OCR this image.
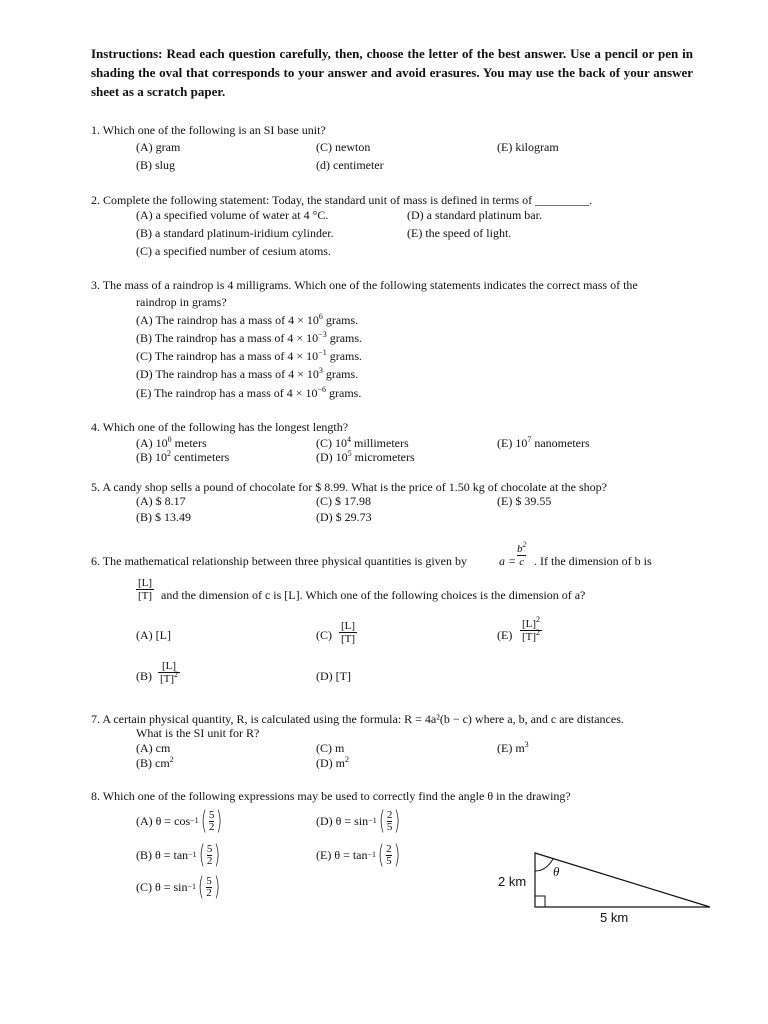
Instructions: Read each question carefully, then, choose the letter of the best answer. Use a pencil or pen in shading the oval that corresponds to your answer and avoid erasures. You may use the back of your answer sheet as a scratch paper.
1. Which one of the following is an SI base unit?
(A) gram
(B) slug
(C) newton
(d) centimeter
(E) kilogram
2. Complete the following statement: Today, the standard unit of mass is defined in terms of _________.
(A) a specified volume of water at 4 °C.
(B) a standard platinum-iridium cylinder.
(C) a specified number of cesium atoms.
(D) a standard platinum bar.
(E) the speed of light.
3. The mass of a raindrop is 4 milligrams. Which one of the following statements indicates the correct mass of the
raindrop in grams?
(A) The raindrop has a mass of $4 \times 10^6$ grams.
(B) The raindrop has a mass of $4 \times 10^{-3}$ grams.
(C) The raindrop has a mass of $4 \times 10^{-1}$ grams.
(D) The raindrop has a mass of $4 \times 10^3$ grams.
(E) The raindrop has a mass of $4 \times 10^{-6}$ grams.
4. Which one of the following has the longest length?
(A) $10^0$ meters
(B) $10^2$ centimeters
(C) $10^4$ millimeters
(D) $10^5$ micrometers
(E) $10^7$ nanometers
5. A candy shop sells a pound of chocolate for $ 8.99. What is the price of 1.50 kg of chocolate at the shop?
(A) $ 8.17
(B) $ 13.49
(C) $ 17.98
(D) $ 29.73
(E) $ 39.55
6. The mathematical relationship between three physical quantities is given by	a =
$\frac{b^2}{c}$ . If the dimension of b is
$\frac{[L]}{[T]}$ and the dimension of c is [L]. Which one of the following choices is the dimension of a?
(A) [L]	$(C) \frac{[L]}{[T]}$	$(E) \frac{[L]^2}{[T]^2}$
$(B) \frac{[L]}{[T]^2}$	(D) [T]
7. A certain physical quantity, R, is calculated using the formula: R = 4a²(b − c) where a, b, and c are distances.
What is the SI unit for R?
(A) cm
(B) $cm^2$
(C) m
(D) $m^2$
(E) $m^3$
8. Which one of the following expressions may be used to correctly find the angle θ in the drawing?
(A) θ = cos −1 ( 5
2 )
(B) θ = tan −1 ( 5
2 )
(C) θ = sin −1 ( 5
2 )
(D) θ = sin −1 ( 2
5 )
(E) θ = tan −1 ( 2
5 )
2 km
θ
5 km
